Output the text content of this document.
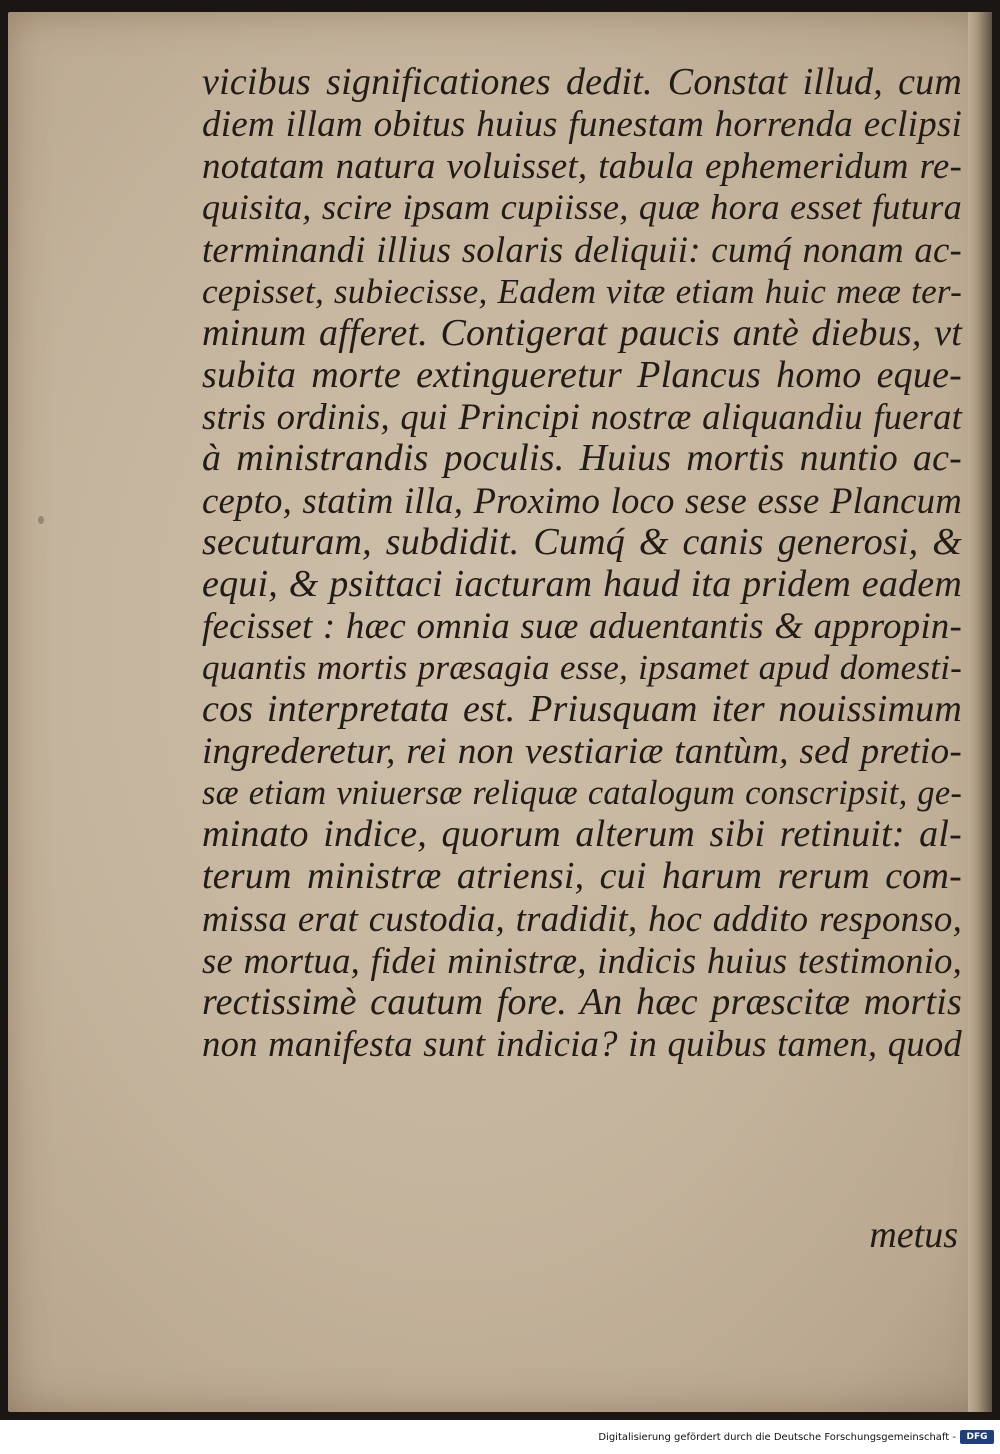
vicibus significationes dedit. Constat illud, cum
diem illam obitus huius funestam horrenda eclipsi
notatam natura voluisset, tabula ephemeridum re-
quisita, scire ipsam cupiisse, quæ hora esset futura
terminandi illius solaris deliquii: cumq́ nonam ac-
cepisset, subiecisse, Eadem vitæ etiam huic meæ ter-
minum afferet. Contigerat paucis antè diebus, vt
subita morte extingueretur Plancus homo eque-
stris ordinis, qui Principi nostræ aliquandiu fuerat
à ministrandis poculis. Huius mortis nuntio ac-
cepto, statim illa, Proximo loco sese esse Plancum
secuturam, subdidit. Cumq́ & canis generosi, &
equi, & psittaci iacturam haud ita pridem eadem
fecisset : hæc omnia suæ aduentantis & appropin-
quantis mortis præsagia esse, ipsamet apud domesti-
cos interpretata est. Priusquam iter nouissimum
ingrederetur, rei non vestiariæ tantùm, sed pretio-
sæ etiam vniuersæ reliquæ catalogum conscripsit, ge-
minato indice, quorum alterum sibi retinuit: al-
terum ministræ atriensi, cui harum rerum com-
missa erat custodia, tradidit, hoc addito responso,
se mortua, fidei ministræ, indicis huius testimonio,
rectissimè cautum fore. An hæc præscitæ mortis
non manifesta sunt indicia? in quibus tamen, quod
metus
Digitalisierung gefördert durch die Deutsche Forschungsgemeinschaft -	DFG
